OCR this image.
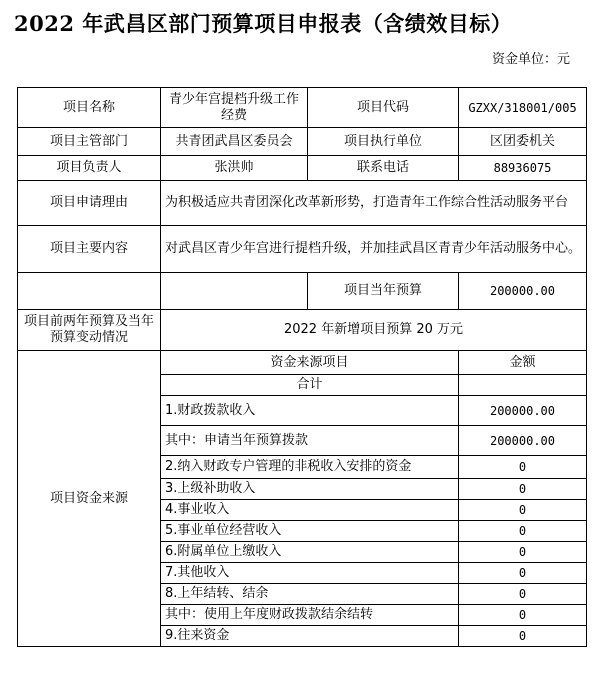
2022 年武昌区部门预算项目申报表（含绩效目标）
资金单位：元
项目名称	青少年宫提档升级工作经费	项目代码	GZXX/318001/005
项目主管部门	共青团武昌区委员会	项目执行单位	区团委机关
项目负责人	张洪帅	联系电话	88936075
项目申请理由	为积极适应共青团深化改革新形势，打造青年工作综合性活动服务平台		
项目主要内容	对武昌区青少年宫进行提档升级，并加挂武昌区青青少年活动服务中心。		
		项目当年预算	200000.00
项目前两年预算及当年预算变动情况	2022 年新增项目预算 20 万元		
项目资金来源	资金来源项目		金额
	合计		
	1.财政拨款收入		200000.00
	其中：申请当年预算拨款		200000.00
	2.纳入财政专户管理的非税收入安排的资金		0
	3.上级补助收入		0
	4.事业收入		0
	5.事业单位经营收入		0
	6.附属单位上缴收入		0
	7.其他收入		0
	8.上年结转、结余		0
	其中：使用上年度财政拨款结余结转		0
	9.往来资金		0
